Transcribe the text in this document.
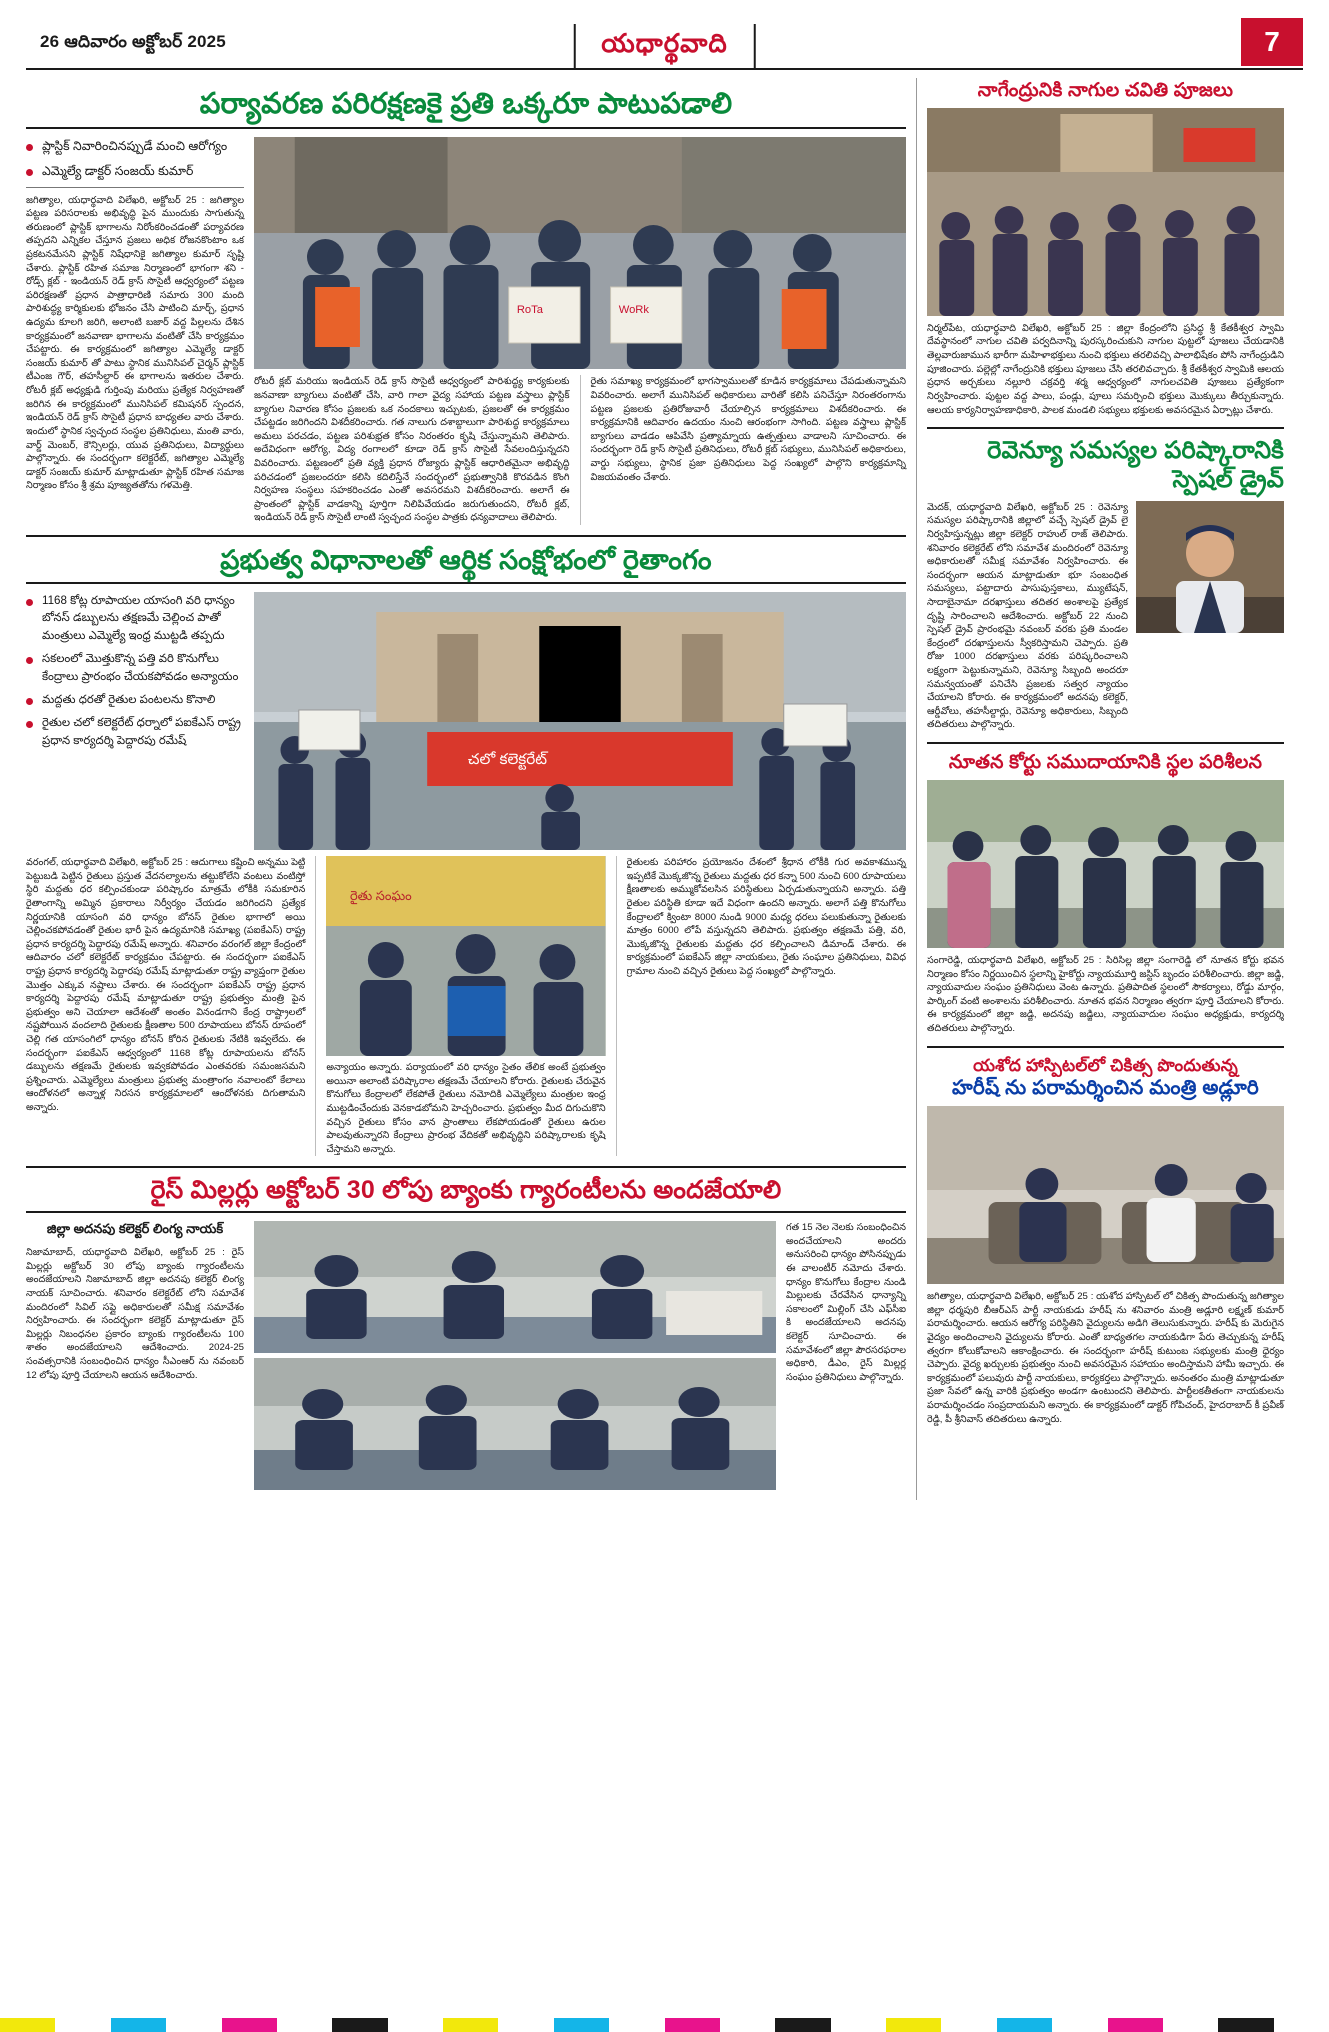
26 ఆదివారం అక్టోబర్ 2025	యధార్థవాది	7
పర్యావరణ పరిరక్షణకై ప్రతి ఒక్కరూ పాటుపడాలి
ప్లాస్టిక్ నివారించినప్పుడే మంచి ఆరోగ్యం
ఎమ్మెల్యే డాక్టర్ సంజయ్ కుమార్
జగిత్యాల, యధార్థవాది విలేఖరి, అక్టోబర్ 25 : జగిత్యాల పట్టణ పరిసరాలకు అభివృద్ధి పైన ముందుకు సాగుతున్న తరుణంలో ప్లాస్టిక్ భాగాలను నిరోంకరించడంతో పర్యావరణ తప్పదని ఎన్నికల చేస్తూన ప్రజలు అధిక రోజనకొంటాం ఒక ప్రకటనమేసని ప్లాస్టిక్ నిషేధానికై జగిత్యాల కుమార్ సృష్టి చేశారు. ప్లాస్టిక్ రహిత సమాజ నిర్మాణంలో భాగంగా శని - రోడ్స్ క్లబ్ - ఇండియన్ రెడ్ క్రాస్ సొసైటీ ఆధ్వర్యంలో పట్టణ పరిరక్షణతో ప్రధాన పాత్రాధారిణి సమారు 300 మంది పారిశుద్ధ్య కార్మికులకు భోజనం చేసి పాటించి మార్చ్, ప్రధాన ఉద్యమ కూలగి జరిగి, అలాంటి బజార్ వద్ద పిల్లలను దేశిన కార్యక్రమంలో జనవాణా భాగాలను వంటితో చేసి కార్యక్రమం చేపట్టారు. ఈ కార్యక్రమంలో జగిత్యాల ఎమ్మెల్యే డాక్టర్ సంజయ్ కుమార్ తో పాటు స్థానిక మునిసిపల్ చైర్మన్ ప్లాస్టిక్ టీఎంజ గౌర్, తహసీల్దార్ ఈ భాగాలను ఇతరుల చేశారు. రోటరీ క్లబ్ అధ్యక్షుడి గుర్తింపు మరియు ప్రత్యేక నిర్వహణతో జరిగిన ఈ కార్యక్రమంలో మునిసిపల్ కమిషనర్ స్పందన, ఇండియన్ రెడ్ క్రాస్ సొసైటీ ప్రధాన బాధ్యతల వారు చేశారు. ఇందులో స్థానిక స్వచ్ఛంద సంస్థల ప్రతినిధులు, మంతి వారు, వార్డ్ మెంబర్, కౌన్సిలర్లు, యువ ప్రతినిధులు, విద్యార్థులు పాల్గొన్నారు. ఈ సందర్భంగా కలెక్టరేట్, జగిత్యాల ఎమ్మెల్యే డాక్టర్ సంజయ్ కుమార్ మాట్లాడుతూ ప్లాస్టిక్ రహిత సమాజ నిర్మాణం కోసం శ్రీ శ్రమ పూజ్యతతోను గళమెత్తి.
RoTa	WoRk
రోటరీ క్లబ్ మరియు ఇండియన్ రెడ్ క్రాస్ సొసైటీ ఆధ్వర్యంలో పారిశుద్ధ్య కార్యకులకు జనవాణా బ్యాగులు వంటితో చేసి, వారి గాలా వైద్య సహాయ పట్టణ వస్త్రాలు ప్లాస్టిక్ బ్యాగుల నివారణ కోసం ప్రజలకు ఒక నందకాలు ఇచ్చుటకు, ప్రజలతో ఈ కార్యక్రమం చేపట్టడం జరిగిందని విశదీకరించారు. గత నాలుగు దశాబ్దాలుగా పారిశుద్ధ కార్యక్రమాలు అమలు పరచడం, పట్టణ పరిశుభ్రత కోసం నిరంతరం కృషి చేస్తున్నామని తెలిపారు. అదేవిధంగా ఆరోగ్య, విద్య రంగాలలో కూడా రెడ్ క్రాస్ సొసైటీ సేవలందిస్తున్నదని వివరించారు. పట్టణంలో ప్రతి వ్యక్తి ప్రధాన రోజ్యారు ప్లాస్టిక్ ఆధారితమైనా అభివృద్ధి పరిచడంలో ప్రజలందరూ కలిసి కదిలిస్తేనే సందర్భంలో ప్రభుత్వానికి కొరవడిన కొంగి నిర్వహణ సంస్థలు సహకరించడం ఎంతో అవసరమని విశదీకరించారు. అలాగే ఈ ప్రాంతంలో ప్లాస్టిక్ వాడకాన్ని పూర్తిగా నిలిపివేయడం జరుగుతుందని, రోటరీ క్లబ్, ఇండియన్ రెడ్ క్రాస్ సొసైటీ లాంటి స్వచ్ఛంద సంస్థల పాత్రకు ధన్యవాదాలు తెలిపారు.
రైతు సమాఖ్య కార్యక్రమంలో భాగస్వాములతో కూడిన కార్యక్రమాలు చేపడుతున్నామని వివరించారు. అలాగే మునిసిపల్ అధికారులు వారితో కలిసి పనిచేస్తూ నిరంతరంగాను పట్టణ ప్రజలకు ప్రతిరోజువారీ చేయాల్సిన కార్యక్రమాలు విశదీకరించారు. ఈ కార్యక్రమానికి ఆదివారం ఉదయం నుంచి ఆరంభంగా సాగింది. పట్టణ వస్త్రాలు ప్లాస్టిక్ బ్యాగులు వాడడం ఆపివేసి ప్రత్యామ్నాయ ఉత్పత్తులు వాడాలని సూచించారు. ఈ సందర్భంగా రెడ్ క్రాస్ సొసైటీ ప్రతినిధులు, రోటరీ క్లబ్ సభ్యులు, మునిసిపల్ అధికారులు, వార్డు సభ్యులు, స్థానిక ప్రజా ప్రతినిధులు పెద్ద సంఖ్యలో పాల్గొని కార్యక్రమాన్ని విజయవంతం చేశారు.
ప్రభుత్వ విధానాలతో ఆర్థిక సంక్షోభంలో రైతాంగం
1168 కోట్ల రూపాయల యాసంగి వరి ధాన్యం బోనస్ డబ్బులను తక్షణమే చెల్లించ పాతో మంత్రులు ఎమ్మెల్యే ఇంధ్ర ముట్టడి తప్పదు
సకలంలో మొత్తుకొన్న పత్తి వరి కొనుగోలు కేంద్రాలు ప్రారంభం చేయకపోవడం అన్యాయం
మద్దతు ధరతో రైతుల పంటలను కొనాలి
రైతుల చలో కలెక్టరేట్ ధర్నాలో పఐకేఎస్ రాష్ట్ర ప్రధాన కార్యదర్శి పెద్దారపు రమేష్
చలో కలెక్టరేట్
వరంగల్, యధార్థవాది విలేఖరి, అక్టోబర్ 25 : ఆదుగాలు కష్టించి అన్నము పెట్టి పెట్టుబడి పెట్టిన రైతులు ప్రస్తుత వేదనల్యాలను తట్టుకోలేని వంటలు వంటిస్తో స్థిరి మద్దతు ధర కల్పించకుండా పరిష్కారం మాత్రమే లోకీకి సమకూరిన రైతాంగాన్ని అమ్మిన ప్రకారాలు నిర్వీర్యం చేయడం జరిగిందని ప్రత్యేక నిర్ణయానికి యాసంగి వరి ధాన్యం బోనస్ రైతుల భాగాలో అయి చెల్లించకపోవడంతో రైతుల భారీ పైన ఉద్యమానికి సమాఖ్య (పఐకేఎస్) రాష్ట్ర ప్రధాన కార్యదర్శి పెద్దారపు రమేష్ అన్నారు. శనివారం వరంగల్ జిల్లా కేంద్రంలో ఆదివారం చలో కలెక్టరేట్ కార్యక్రమం చేపట్టారు. ఈ సందర్భంగా పఐకేఎస్ రాష్ట్ర ప్రధాన కార్యదర్శి పెద్దారపు రమేష్ మాట్లాడుతూ రాష్ట్ర వ్యాప్తంగా రైతుల మొత్తం ఎక్కువ నష్టాలు చేశారు. ఈ సందర్భంగా పఐకేఎస్ రాష్ట్ర ప్రధాన కార్యదర్శి పెద్దారపు రమేష్ మాట్లాడుతూ రాష్ట్ర ప్రభుత్వం మంత్రి పైన ప్రభుత్వం అని చెయాలా ఆదేశంతో అంతం వినండగాని కేంద్ర రాష్ట్రాలలో నష్టపోయిన వందలాది రైతులకు క్షీణతాల 500 రూపాయలు బోనస్ రూపంలో చెల్లి గత యాసంగిలో ధాన్యం బోనస్ కోరిన రైతులకు నేటికి ఇవ్వలేదు. ఈ సందర్భంగా పఐకేఎస్ ఆధ్వర్యంలో 1168 కోట్ల రూపాయలను బోనస్ డబ్బులను తక్షణమే రైతులకు ఇవ్వకపోవడం ఎంతవరకు సమంజసమని ప్రశ్నించారు. ఎమ్మెల్యేలు మంత్రులు ప్రభుత్వ మంత్రాంగం నవాలంటో కేలాలు ఆందోళనలో అన్నాళ్ల నిరసన కార్యక్రమాలలో ఆందోళనకు దిగుతామని అన్నారు.
రైతు సంఘం
అన్యాయం అన్నారు. పర్యాయంలో వరి ధాన్యం సైతం తేలిక అంటే ప్రభుత్వం అయినా అలాంటి పరిష్కారాల తక్షణమే చేయాలని కోరారు. రైతులకు చేరువైన కొనుగోలు కేంద్రాలలో లేకపోతే రైతులు నమోదికి ఎమ్మెల్యేలు మంత్రుల ఇంధ్ర ముట్టడించేందుకు వెనకాడబోమని హెచ్చరించారు. ప్రభుత్వం మీద దిగుచుకొని వచ్చిన రైతులు కోసం వాన ప్రాంతాలు లేకపోయడంతో రైతులు ఉరుల పాలవుతున్నారని కేంద్రాలు ప్రారంభ వేదికతో అభివృద్ధిని పరిష్కారాలకు కృషి చేస్తామని అన్నారు.
రైతులకు పరిహారం ప్రయోజనం దేశంలో శ్రీధాన లోకీకి గుర అవకాశమున్న ఇప్పటికే మొక్కజొన్న రైతులు మద్దతు ధర కన్నా 500 నుంచి 600 రూపాయలు క్షీణతాలకు అమ్ముకోవలసిన పరిస్థితులు ఏర్పడుతున్నాయని అన్నారు. పత్తి రైతుల పరిస్థితి కూడా ఇదే విధంగా ఉందని అన్నారు. అలాగే పత్తి కొనుగోలు కేంద్రాలలో క్వింటా 8000 నుండి 9000 మధ్య ధరలు పలుకుతున్నా రైతులకు మాత్రం 6000 లోపే వస్తున్నదని తెలిపారు. ప్రభుత్వం తక్షణమే పత్తి, వరి, మొక్కజొన్న రైతులకు మద్దతు ధర కల్పించాలని డిమాండ్ చేశారు. ఈ కార్యక్రమంలో పఐకేఎస్ జిల్లా నాయకులు, రైతు సంఘాల ప్రతినిధులు, వివిధ గ్రామాల నుంచి వచ్చిన రైతులు పెద్ద సంఖ్యలో పాల్గొన్నారు.
రైస్ మిల్లర్లు అక్టోబర్ 30 లోపు బ్యాంకు గ్యారంటీలను అందజేయాలి
జిల్లా అదనపు కలెక్టర్ లింగ్య నాయక్
నిజామాబాద్, యధార్థవాది విలేఖరి, అక్టోబర్ 25 : రైస్ మిల్లర్లు అక్టోబర్ 30 లోపు బ్యాంకు గ్యారంటీలను అందజేయాలని నిజామాబాద్ జిల్లా అదనపు కలెక్టర్ లింగ్య నాయక్ సూచించారు. శనివారం కలెక్టరేట్ లోని సమావేశ మందిరంలో సివిల్ సప్లై అధికారులతో సమీక్ష సమావేశం నిర్వహించారు. ఈ సందర్భంగా కలెక్టర్ మాట్లాడుతూ రైస్ మిల్లర్లు నిబంధనల ప్రకారం బ్యాంకు గ్యారంటీలను 100 శాతం అందజేయాలని ఆదేశించారు. 2024-25 సంవత్సరానికి సంబంధించిన ధాన్యం సీఎంఆర్ ను నవంబర్ 12 లోపు పూర్తి చేయాలని ఆయన ఆదేశించారు.
గత 15 నెల నెలకు సంబంధించిన అందచేయాలని అందరు అనుసరించి ధాన్యం పోసినప్పుడు ఈ వాలంటీర్ నమోదు చేశారు. ధాన్యం కొనుగోలు కేంద్రాల నుండి మిల్లులకు చేరవేసిన ధాన్యాన్ని సకాలంలో మిల్లింగ్ చేసి ఎఫ్‌సీఐ కి అందజేయాలని అదనపు కలెక్టర్ సూచించారు. ఈ సమావేశంలో జిల్లా పౌరసరఫరాల అధికారి, డీఎం, రైస్ మిల్లర్ల సంఘం ప్రతినిధులు పాల్గొన్నారు.
నాగేంద్రునికి నాగుల చవితి పూజలు
నిర్మల్‌పేట, యధార్థవాది విలేఖరి, అక్టోబర్ 25 : జిల్లా కేంద్రంలోని ప్రసిద్ధ శ్రీ కేతకీశ్వర స్వామి దేవస్థానంలో నాగుల చవితి పర్వదినాన్ని పురస్కరించుకుని నాగుల పుట్టలో పూజలు చేయడానికి తెల్లవారుజామున భారీగా మహిళాభక్తులు నుంచి భక్తులు తరలివచ్చి పాలాభిషేకం పోసి నాగేంద్రుడిని పూజించారు. పల్లెల్లో నాగేంద్రునికి భక్తులు పూజలు చేసి తరలివచ్చారు. శ్రీ కేతకీశ్వర స్వామికి ఆలయ ప్రధాన అర్చకులు నల్లూరి చక్రవర్తి శర్మ ఆధ్వర్యంలో నాగులచవితి పూజలు ప్రత్యేకంగా నిర్వహించారు. పుట్టల వద్ద పాలు, పండ్లు, పూలు సమర్పించి భక్తులు మొక్కులు తీర్చుకున్నారు. ఆలయ కార్యనిర్వాహణాధికారి, పాలక మండలి సభ్యులు భక్తులకు అవసరమైన ఏర్పాట్లు చేశారు.
రెవెన్యూ సమస్యల పరిష్కారానికి స్పెషల్ డ్రైవ్
మెదక్, యధార్థవాది విలేఖరి, అక్టోబర్ 25 : రెవెన్యూ సమస్యల పరిష్కారానికి జిల్లాలో వచ్చే స్పెషల్ డ్రైవ్ లై నిర్వహిస్తున్నట్లు జిల్లా కలెక్టర్ రాహుల్ రాజ్ తెలిపారు. శనివారం కలెక్టరేట్ లోని సమావేశ మందిరంలో రెవెన్యూ అధికారులతో సమీక్ష సమావేశం నిర్వహించారు. ఈ సందర్భంగా ఆయన మాట్లాడుతూ భూ సంబంధిత సమస్యలు, పట్టాదారు పాసుపుస్తకాలు, మ్యుటేషన్, సాదాబైనామా దరఖాస్తులు తదితర అంశాలపై ప్రత్యేక దృష్టి సారించాలని ఆదేశించారు. అక్టోబర్ 22 నుంచి స్పెషల్ డ్రైవ్ ప్రారంభమై నవంబర్ వరకు ప్రతి మండల కేంద్రంలో దరఖాస్తులను స్వీకరిస్తామని చెప్పారు. ప్రతి రోజు 1000 దరఖాస్తులు వరకు పరిష్కరించాలని లక్ష్యంగా పెట్టుకున్నామని, రెవెన్యూ సిబ్బంది అందరూ సమన్వయంతో పనిచేసి ప్రజలకు సత్వర న్యాయం చేయాలని కోరారు. ఈ కార్యక్రమంలో అదనపు కలెక్టర్, ఆర్డీవోలు, తహసీల్దార్లు, రెవెన్యూ అధికారులు, సిబ్బంది తదితరులు పాల్గొన్నారు.
నూతన కోర్టు సముదాయానికి స్థల పరిశీలన
సంగారెడ్డి, యధార్థవాది విలేఖరి, అక్టోబర్ 25 : సిరిసిల్ల జిల్లా సంగారెడ్డి లో నూతన కోర్టు భవన నిర్మాణం కోసం నిర్ణయించిన స్థలాన్ని హైకోర్టు న్యాయమూర్తి జస్టిస్ బృందం పరిశీలించారు. జిల్లా జడ్జి, న్యాయవాదుల సంఘం ప్రతినిధులు వెంట ఉన్నారు. ప్రతిపాదిత స్థలంలో సౌకర్యాలు, రోడ్డు మార్గం, పార్కింగ్ వంటి అంశాలను పరిశీలించారు. నూతన భవన నిర్మాణం త్వరగా పూర్తి చేయాలని కోరారు. ఈ కార్యక్రమంలో జిల్లా జడ్జి, అదనపు జడ్జిలు, న్యాయవాదుల సంఘం అధ్యక్షుడు, కార్యదర్శి తదితరులు పాల్గొన్నారు.
యశోద హాస్పిటల్‌లో చికిత్స పొందుతున్న
హరీష్ ను పరామర్శించిన మంత్రి అడ్లూరి
జగిత్యాల, యధార్థవాది విలేఖరి, అక్టోబర్ 25 : యశోద హాస్పిటల్ లో చికిత్స పొందుతున్న జగిత్యాల జిల్లా ధర్మపురి బీఆర్ఎస్ పార్టీ నాయకుడు హరీష్ ను శనివారం మంత్రి అడ్లూరి లక్ష్మణ్ కుమార్ పరామర్శించారు. ఆయన ఆరోగ్య పరిస్థితిని వైద్యులను అడిగి తెలుసుకున్నారు. హరీష్ కు మెరుగైన వైద్యం అందించాలని వైద్యులను కోరారు. ఎంతో బాధ్యతగల నాయకుడిగా పేరు తెచ్చుకున్న హరీష్ త్వరగా కోలుకోవాలని ఆకాంక్షించారు. ఈ సందర్భంగా హరీష్ కుటుంబ సభ్యులకు మంత్రి ధైర్యం చెప్పారు. వైద్య ఖర్చులకు ప్రభుత్వం నుంచి అవసరమైన సహాయం అందిస్తామని హామీ ఇచ్చారు. ఈ కార్యక్రమంలో పలువురు పార్టీ నాయకులు, కార్యకర్తలు పాల్గొన్నారు. అనంతరం మంత్రి మాట్లాడుతూ ప్రజా సేవలో ఉన్న వారికి ప్రభుత్వం అండగా ఉంటుందని తెలిపారు. పార్టీలకతీతంగా నాయకులను పరామర్శించడం సంప్రదాయమని అన్నారు. ఈ కార్యక్రమంలో డాక్టర్ గోపిచంద్, హైదరాబాద్ కీ ప్రవీణ్ రెడ్డి, పీ శ్రీనివాస్ తదితరులు ఉన్నారు.
